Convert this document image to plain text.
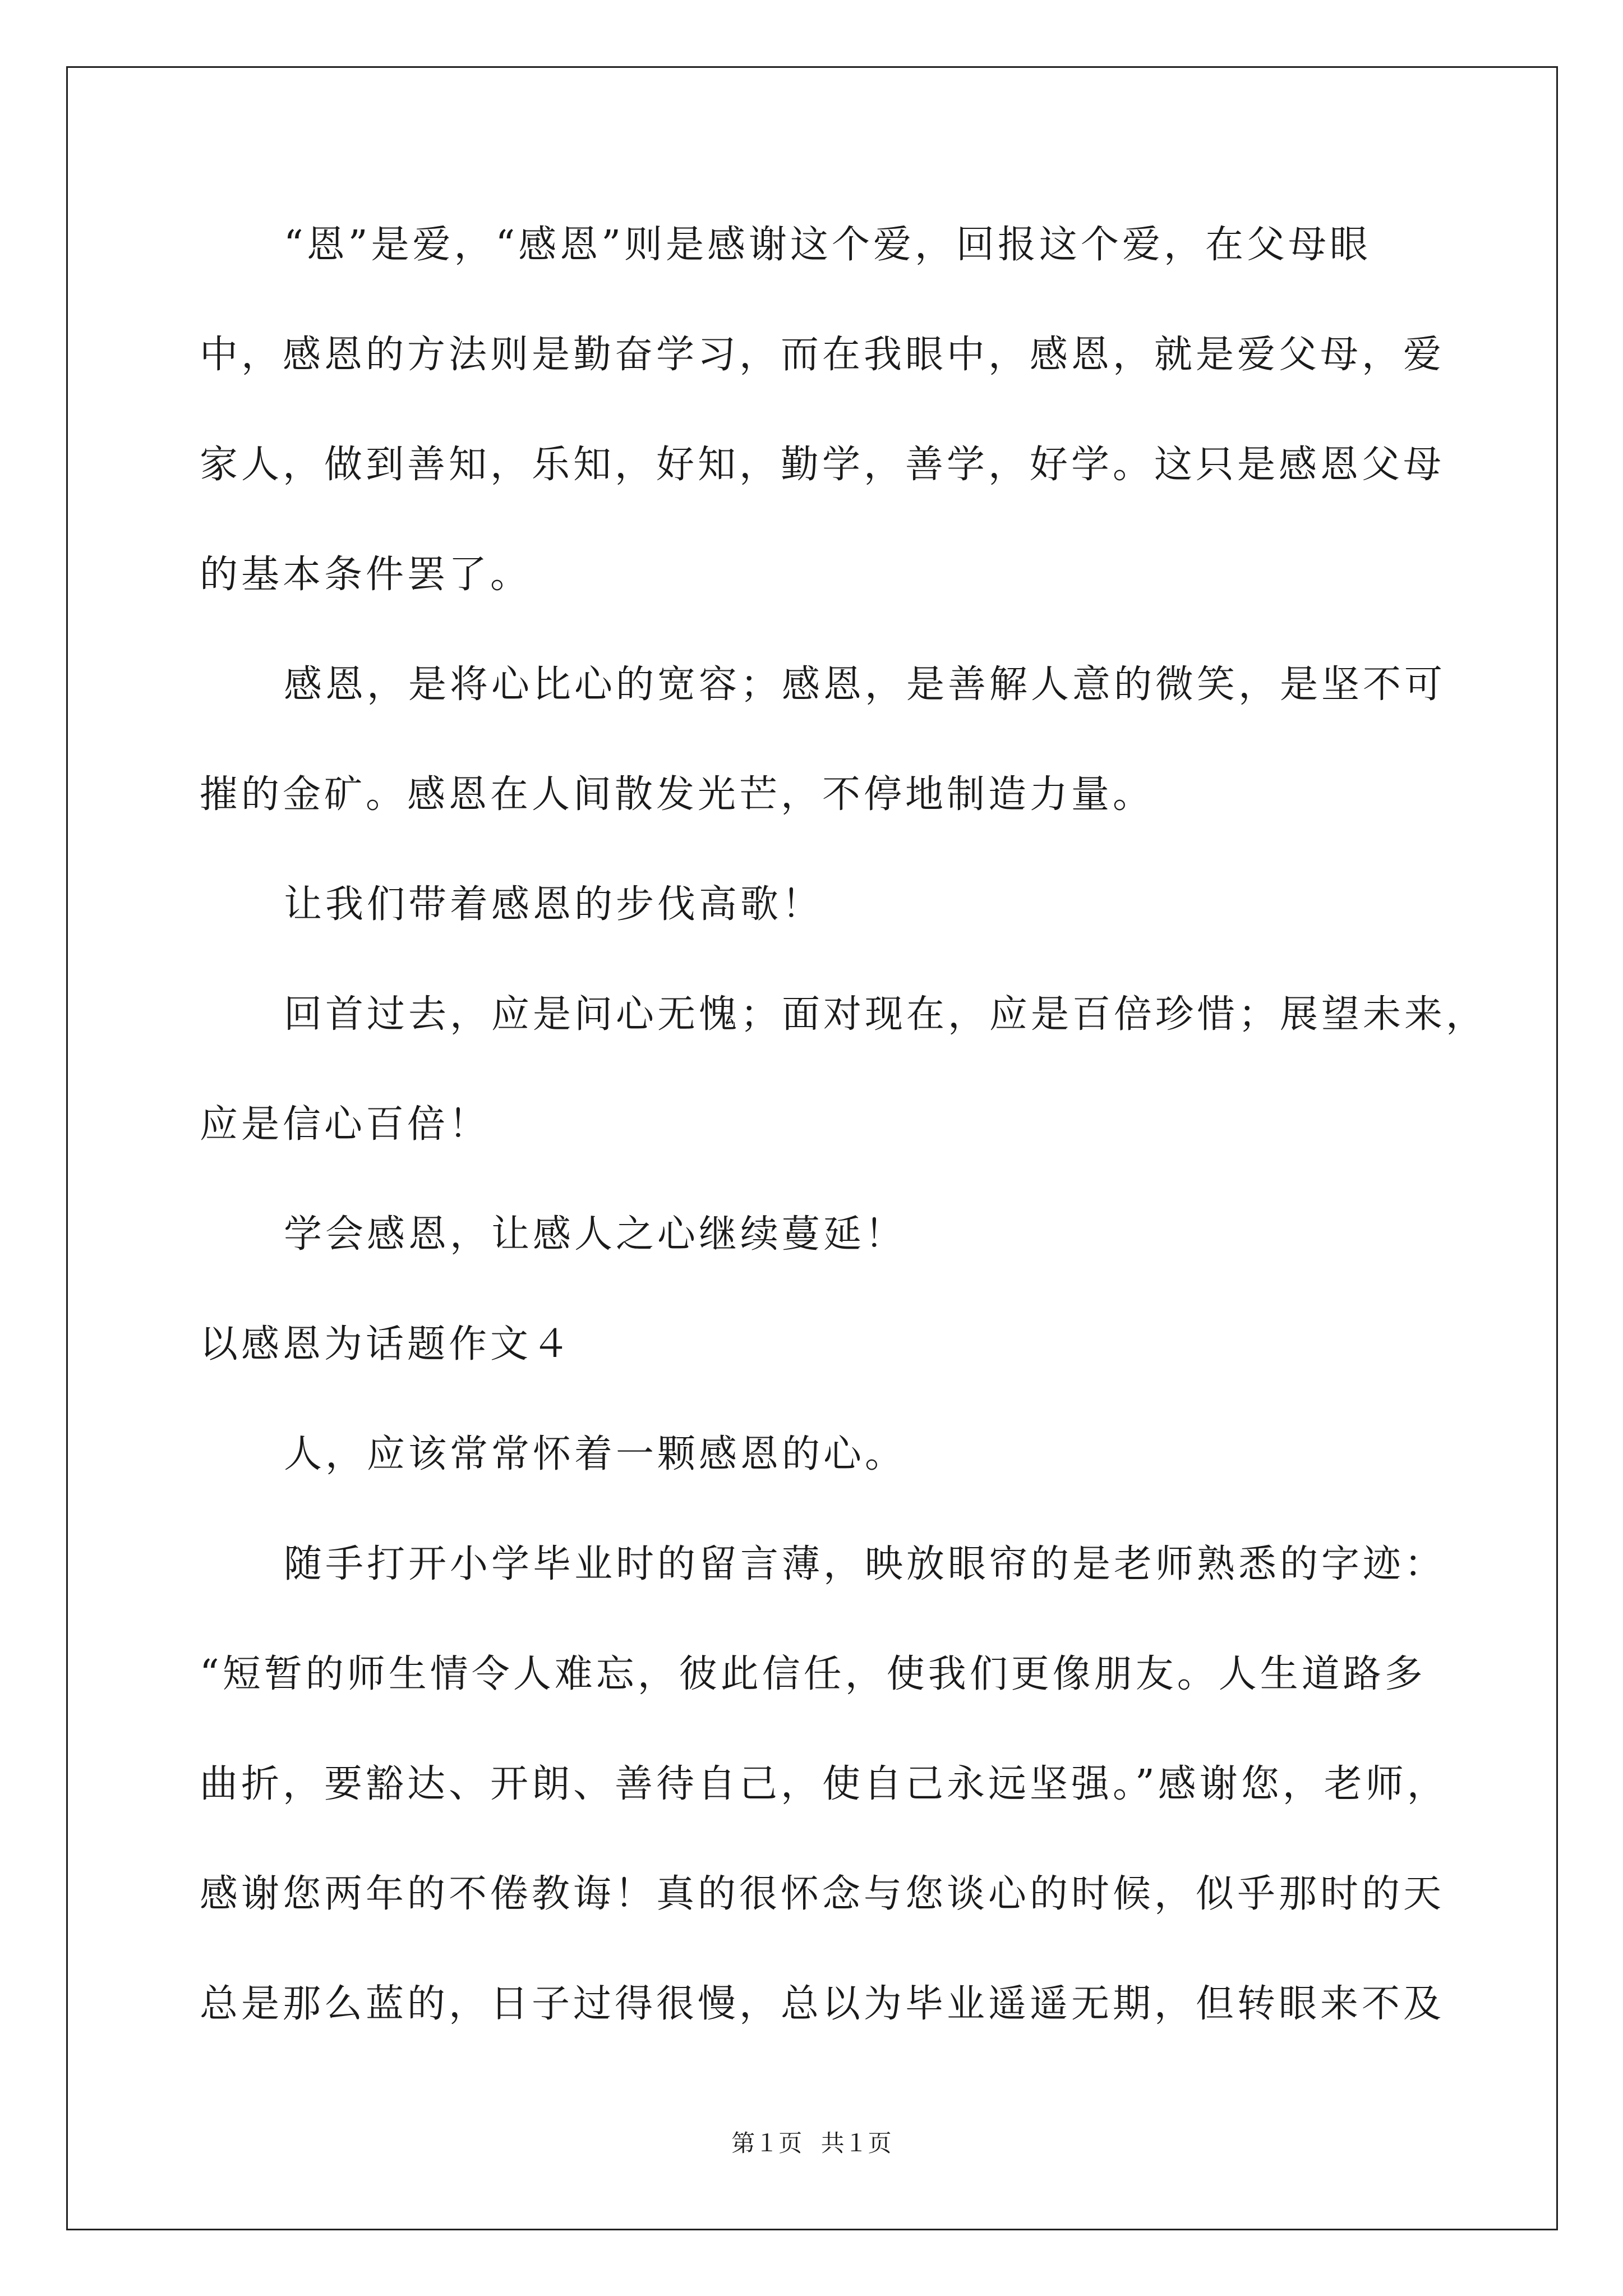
“恩”是爱，“感恩”则是感谢这个爱，回报这个爱，在父母眼
中，感恩的方法则是勤奋学习，而在我眼中，感恩，就是爱父母，爱
家人，做到善知，乐知，好知，勤学，善学，好学。这只是感恩父母
的基本条件罢了。
感恩，是将心比心的宽容；感恩，是善解人意的微笑，是坚不可
摧的金矿。感恩在人间散发光芒，不停地制造力量。
让我们带着感恩的步伐高歌！
回首过去，应是问心无愧；面对现在，应是百倍珍惜；展望未来，
应是信心百倍！
学会感恩，让感人之心继续蔓延！
以感恩为话题作文４
人，应该常常怀着一颗感恩的心。
随手打开小学毕业时的留言薄，映放眼帘的是老师熟悉的字迹：
“短暂的师生情令人难忘，彼此信任，使我们更像朋友。人生道路多
曲折，要豁达、开朗、善待自己，使自己永远坚强。”感谢您，老师，
感谢您两年的不倦教诲！真的很怀念与您谈心的时候，似乎那时的天
总是那么蓝的，日子过得很慢，总以为毕业遥遥无期，但转眼来不及
第１页 共１页
